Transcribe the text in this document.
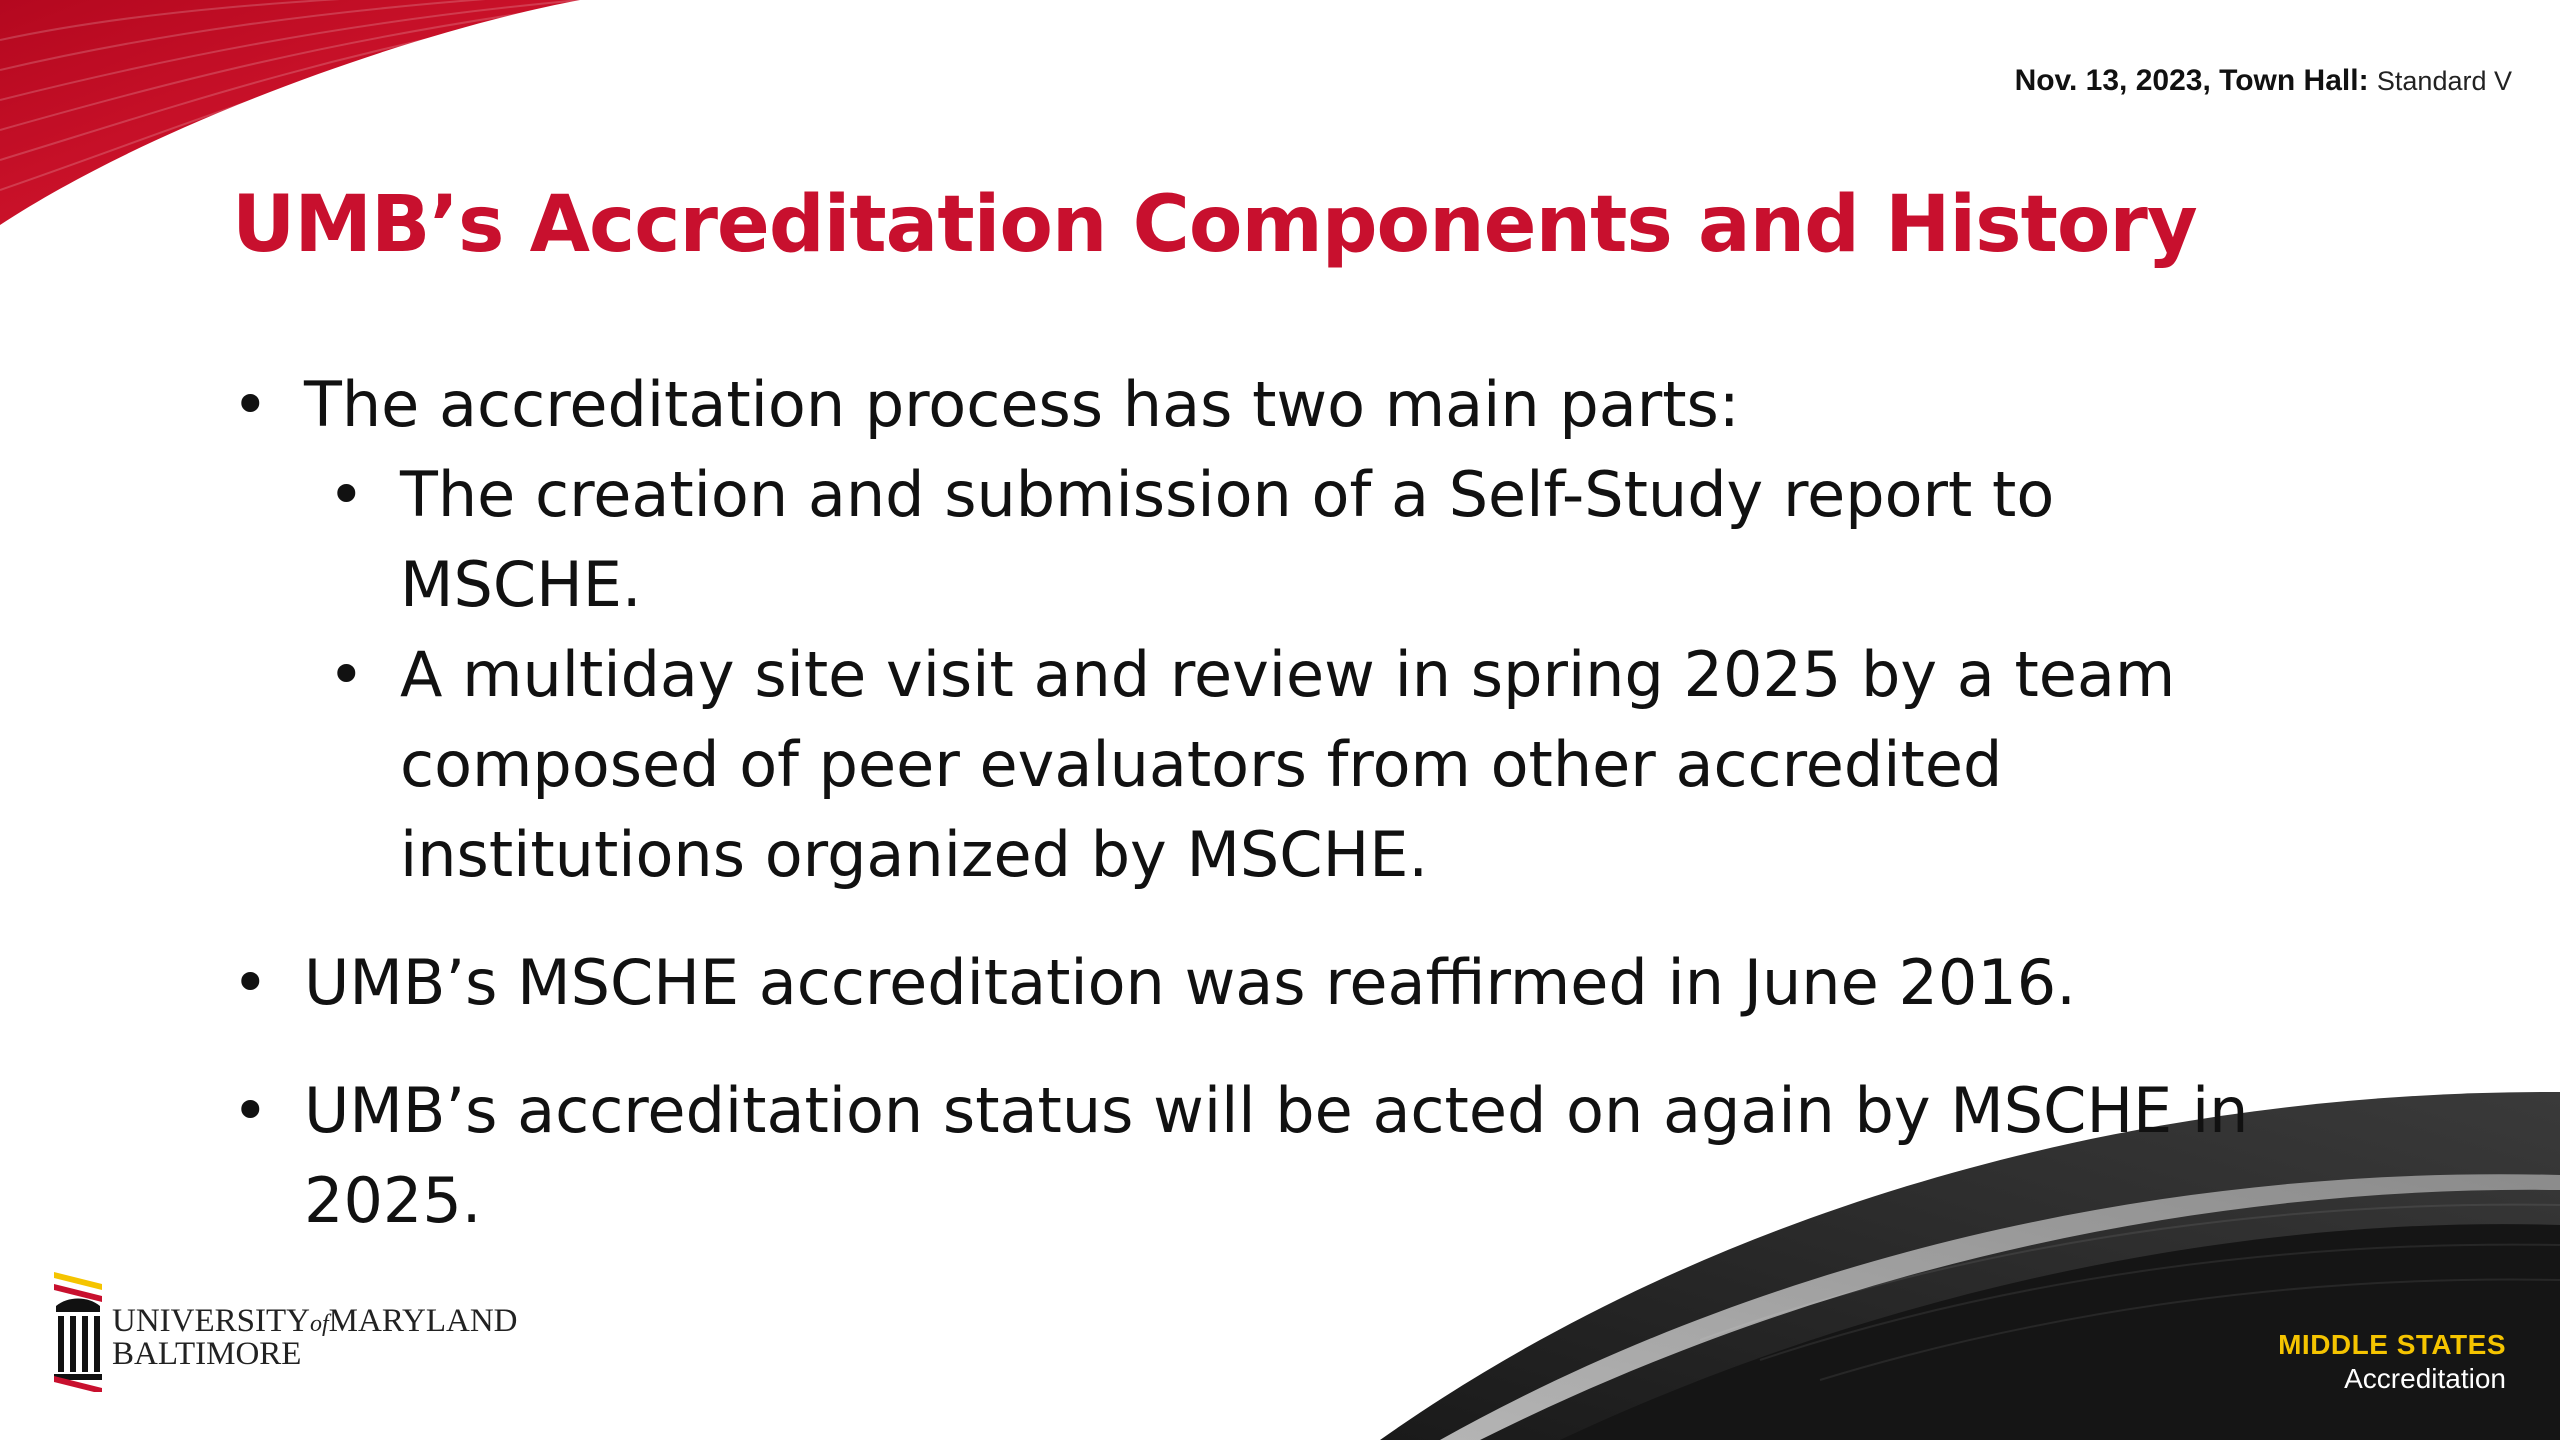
Nov. 13, 2023, Town Hall: Standard V
UMB’s Accreditation Components and History
• The accreditation process has two main parts:
• The creation and submission of a Self-Study report to MSCHE.
• A multiday site visit and review in spring 2025 by a team
composed of peer evaluators from other accredited
institutions organized by MSCHE.
• UMB’s MSCHE accreditation was reaffirmed in June 2016.
• UMB’s accreditation status will be acted on again by MSCHE in
2025.
UNIVERSITYofMARYLAND
BALTIMORE	MIDDLE STATES
Accreditation
